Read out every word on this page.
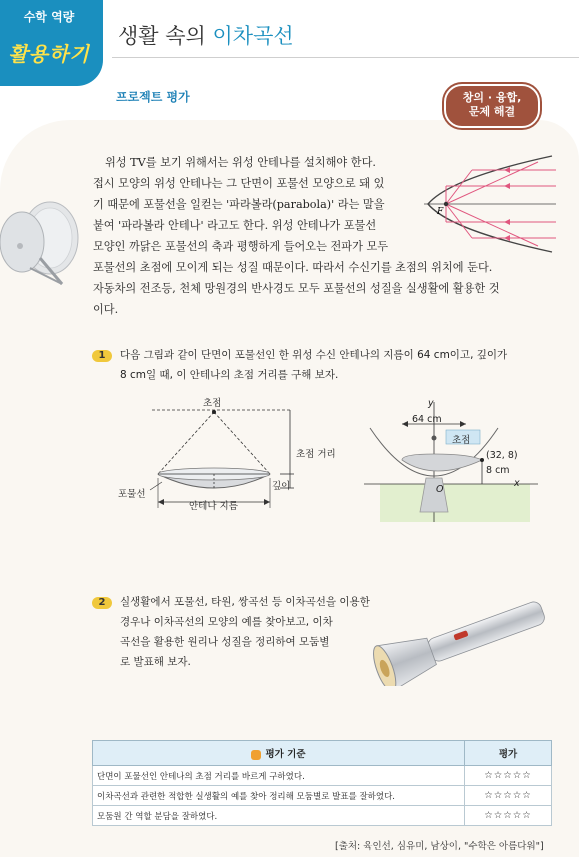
수학 역량
활용하기
생활 속의 이차곡선
프로젝트 평가	창의 · 융합,
문제 해결
F

위성 TV를 보기 위해서는 위성 안테나를 설치해야 한다.

접시 모양의 위성 안테나는 그 단면이 포물선 모양으로 돼 있
기 때문에 포물선을 일컫는 '파라볼라(parabola)' 라는 말을
붙여 '파라볼라 안테나' 라고도 한다. 위성 안테나가 포물선
모양인 까닭은 포물선의 축과 평행하게 들어오는 전파가 모두
포물선의 초점에 모이게 되는 성질 때문이다. 따라서 수신기를 초점의 위치에 둔다.
자동차의 전조등, 천체 망원경의 반사경도 모두 포물선의 성질을 실생활에 활용한 것
이다.
1	다음 그림과 같이 단면이 포물선인 한 위성 수신 안테나의 지름이 64 cm이고, 깊이가
8 cm일 때, 이 안테나의 초점 거리를 구해 보자.
초점
초점 거리
깊이
포물선
안테나 지름
y
x
O
64 cm
초점
(32, 8)
8 cm
2	실생활에서 포물선, 타원, 쌍곡선 등 이차곡선을 이용한
경우나 이차곡선의 모양의 예를 찾아보고, 이차
곡선을 활용한 원리나 성질을 정리하여 모둠별
로 발표해 보자.
평가 기준	평가
단면이 포물선인 안테나의 초점 거리를 바르게 구하였다.	☆☆☆☆☆
이차곡선과 관련한 적합한 실생활의 예를 찾아 정리해 모둠별로 발표를 잘하였다.	☆☆☆☆☆
모둠원 간 역할 분담을 잘하였다.	☆☆☆☆☆
[출처: 육인선, 심유미, 남상이, "수학은 아름다워"]
